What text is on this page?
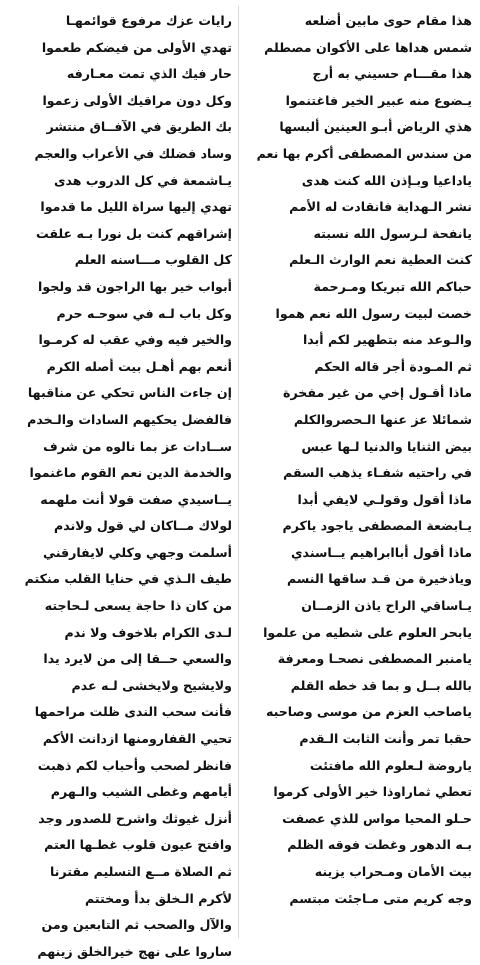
هذا مقام حوى مابين أضلعه
شمس هداها على الأكوان مصطلم
هذا مقـــام حسيني به أرج
يـضوع منه عبير الخير فاغتنموا
هذي الرياض أبـو العينين ألبسها
من سندس المصطفى أكرم بها نعم
ياداعيا وبـإذن الله كنت هدى
نشر الـهداية فانقادت له الأمم
يانفحة لـرسول الله نسبته
كنت العطية نعم الوارث الـعلم
حباكم الله تبريكا ومـرحمة
خصت لبيت رسول الله نعم هموا
والـوعد منه بتطهير لكم أبدا
ثم المـودة أجر قاله الحكم
ماذا أقـول إخي من غير مفخرة
شمائلا عز عنها الـحصروالكلم
بيض الثنايا والدنيا لـها عبس
في راحتيه شفـاء يذهب السقم
ماذا أقول وقولـي لايفي أبدا
يـابضعة المصطفى ياجود ياكرم
ماذا أقول أباابراهيم يــاسندي
وياذخيرة من قـد ساقها النسم
يـاساقي الراح ياذن الزمــان
يابحر العلوم على شطيه من علموا
يامنبر المصطفى نصحـا ومعرفة
بالله بــل و بما قد خطه القلم
ياصاحب العزم من موسى وصاحبه
حقبا تمر وأنت الثابت الـقدم
ياروضة لـعلوم الله مافتئت
تعطي ثماراوذا خير الأولى كرموا
حـلو المحيا مواس للذي عصفت
بـه الدهور وغطت فوقه الظلم
بيت الأمان ومـحراب يزينه
وجه كريم متى مـاجئت مبتسم
رايات عزك مرفوع قوائمهـا
تهدي الأولى من فيضكم طعموا
حار فيك الذي تمت معـارفه
وكل دون مراقيك الأولى زعموا
بك الطريق في الآفــاق منتشر
وساد فضلك في الأعراب والعجم
يـاشمعة في كل الدروب هدى
تهدي إليها سراة الليل ما قدموا
إشراقهم كنت بل نورا بـه علقت
كل القلوب مـــاسنه العلم
أبواب خير بها الراجون قد ولجوا
وكل باب لـه في سوحـه حرم
والخير فيه وفي عقب له كرمـوا
أنعم بهم أهـل بيت أصله الكرم
إن جاءت الناس تحكي عن مناقبها
فالفضل يحكيهم السادات والـخدم
ســادات عز بما نالوه من شرف
والخدمة الدين نعم القوم ماغنموا
يــاسيدي صفت قولا أنت ملهمه
لولاك مــاكان لي قول ولاندم
أسلمت وجهي وكلي لايفارقني
طيف الـذي في حنايا القلب منكتم
من كان ذا حاجة يسعى لـحاجته
لـدى الكرام بلاخوف ولا ندم
والسعي حــقا إلى من لايرد يدا
ولايشيح ولايخشى لـه عدم
فأنت سحب الندى ظلت مراحمها
تحيي القفارومنها ازدانت الأكم
فانظر لصحب وأحباب لكم ذهبت
أيامهم وغطى الشيب والـهرم
أنزل غيوثك واشرح للصدور وجد
وافتح عيون قلوب غطـها العتم
ثم الصلاة مــع التسليم مقترنا
لأكرم الـخلق بدأ ومختتم
والآل والصحب ثم التابعين ومن
ساروا على نهج خيرالخلق زينهم
